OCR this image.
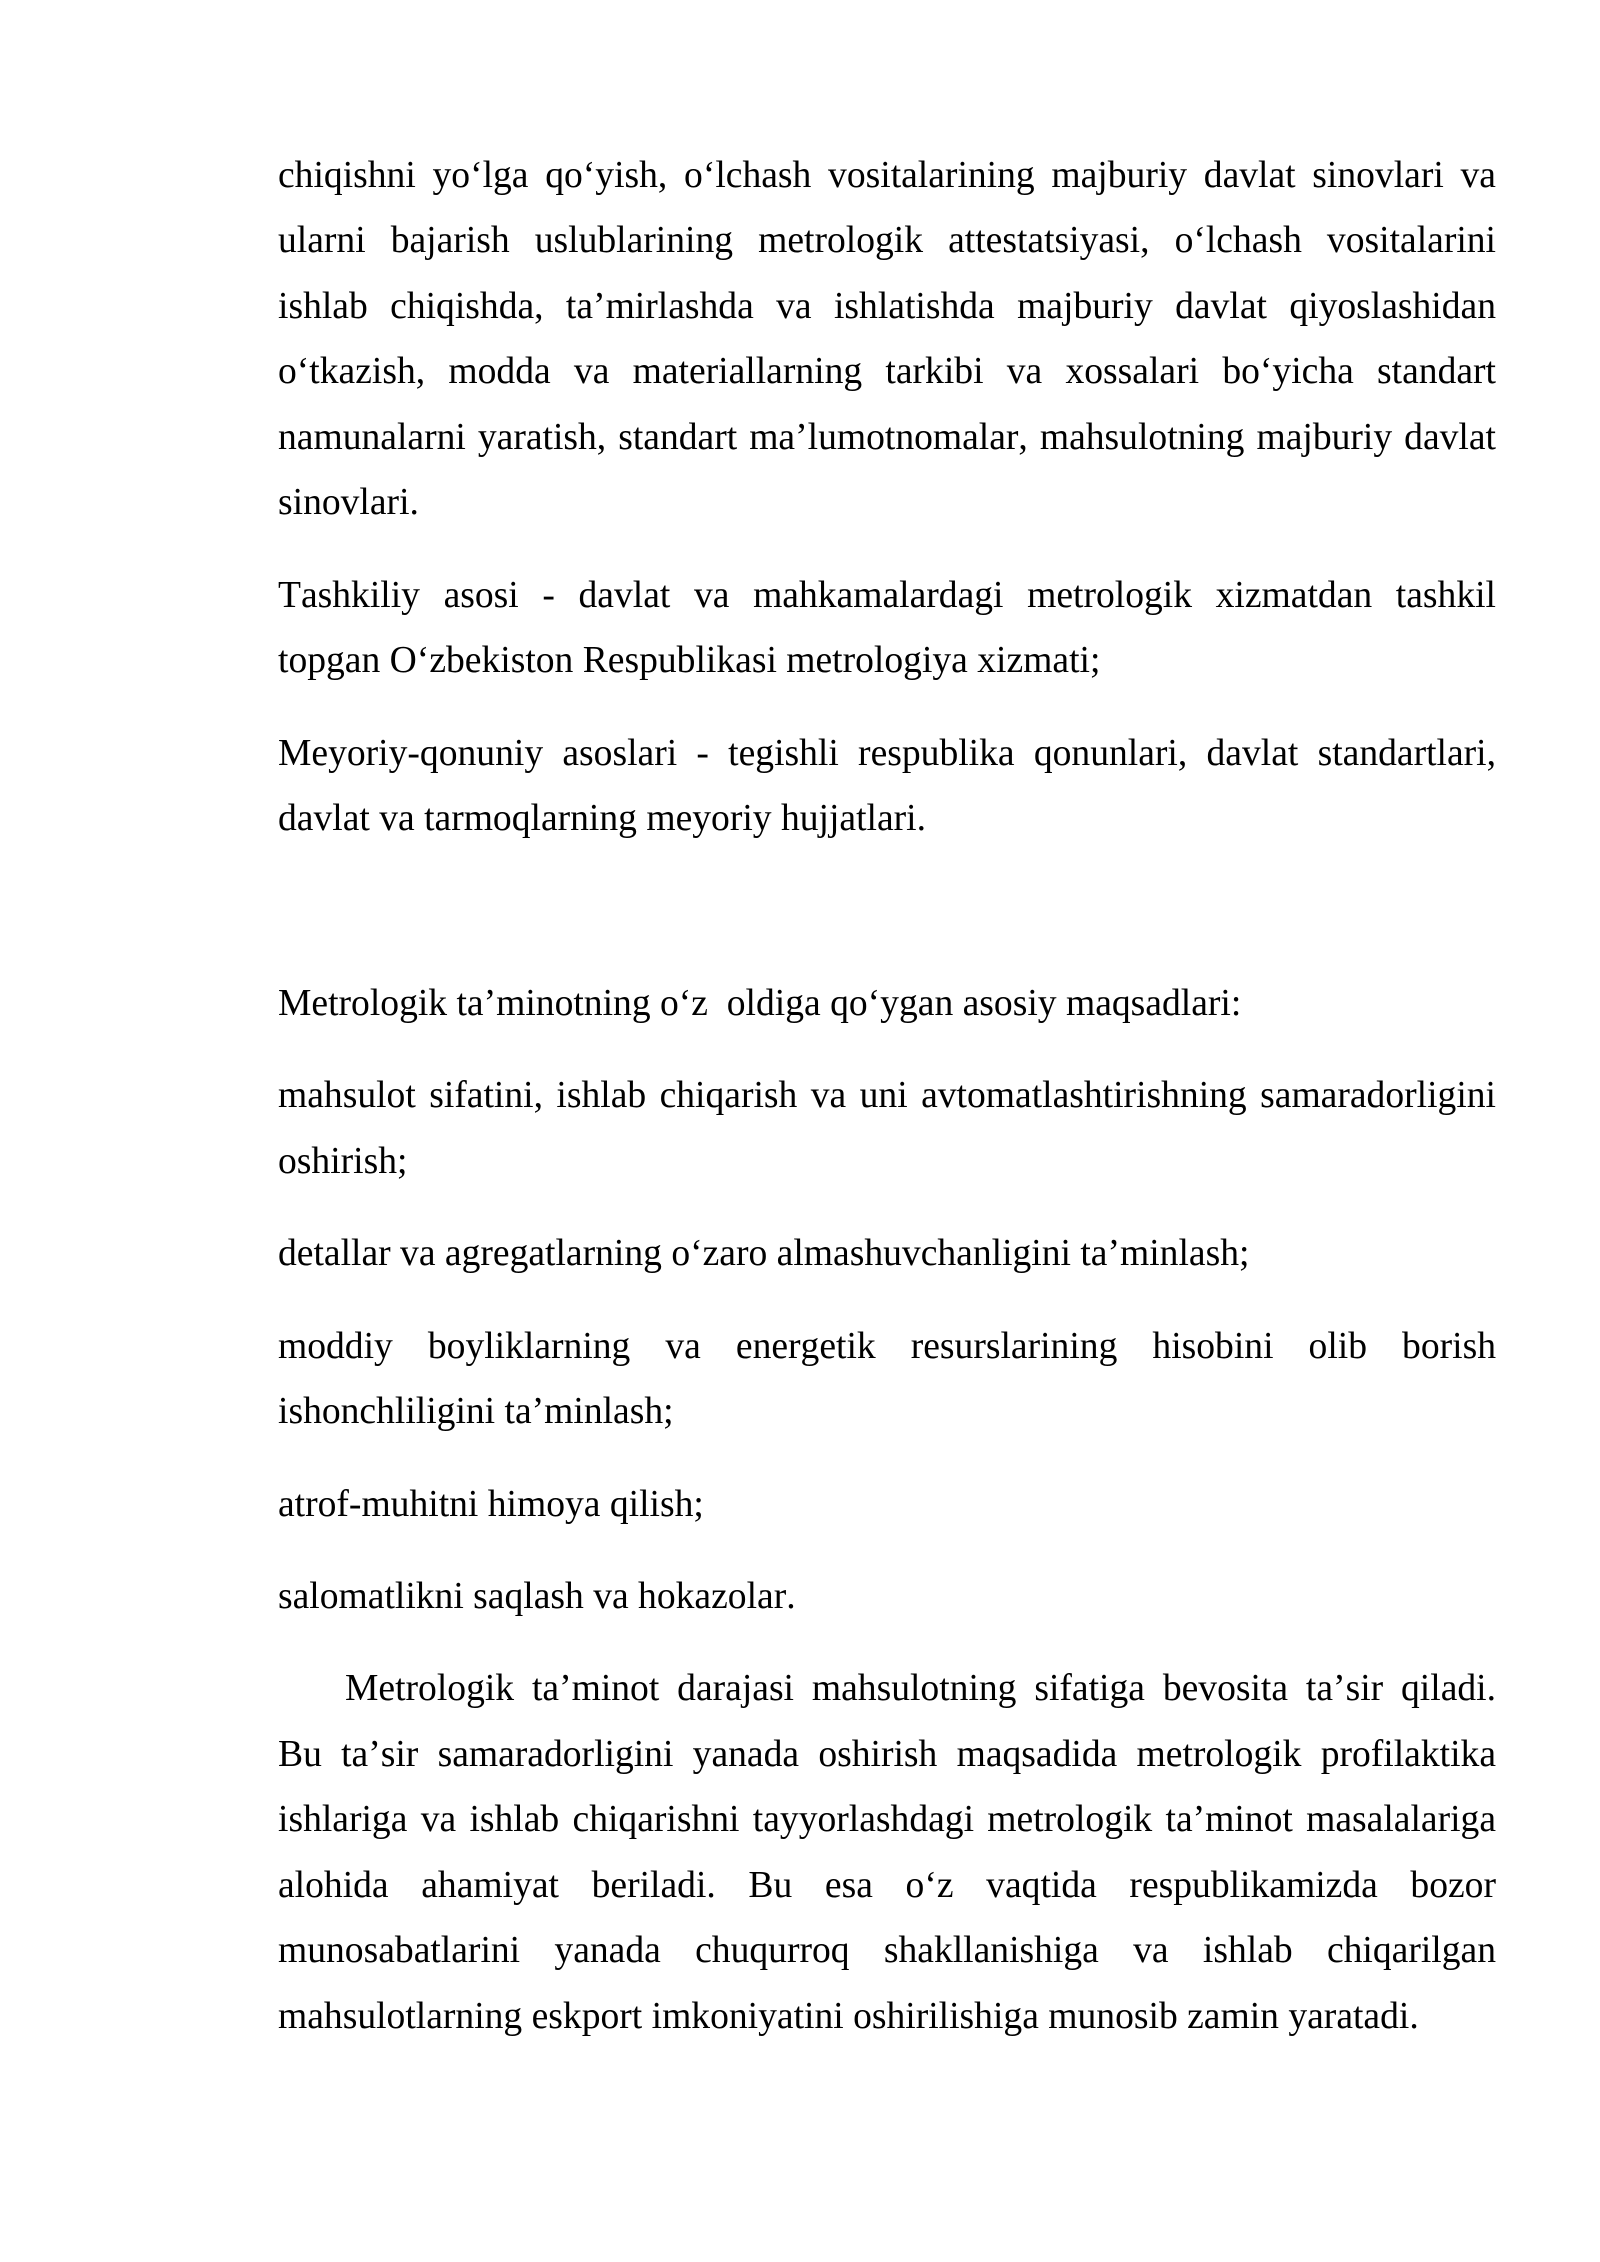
chiqishni yo‘lga qo‘yish, o‘lchash vositalarining majburiy davlat sinovlari va
ularni bajarish uslublarining metrologik attestatsiyasi, o‘lchash vositalarini
ishlab chiqishda, ta’mirlashda va ishlatishda majburiy davlat qiyoslashidan
o‘tkazish, modda va materiallarning tarkibi va xossalari bo‘yicha standart
namunalarni yaratish, standart ma’lumotnomalar, mahsulotning majburiy davlat
sinovlari.
Tashkiliy asosi - davlat va mahkamalardagi metrologik xizmatdan tashkil
topgan O‘zbekiston Respublikasi metrologiya xizmati;
Meyoriy-qonuniy asoslari - tegishli respublika qonunlari, davlat standartlari,
davlat va tarmoqlarning meyoriy hujjatlari.
Metrologik ta’minotning o‘z  oldiga qo‘ygan asosiy maqsadlari:
mahsulot sifatini, ishlab chiqarish va uni avtomatlashtirishning samaradorligini
oshirish;
detallar va agregatlarning o‘zaro almashuvchanligini ta’minlash;
moddiy boyliklarning va energetik resurslarining hisobini olib borish
ishonchliligini ta’minlash;
atrof-muhitni himoya qilish;
salomatlikni saqlash va hokazolar.
Metrologik ta’minot darajasi mahsulotning sifatiga bevosita ta’sir qiladi.
Bu ta’sir samaradorligini yanada oshirish maqsadida metrologik profilaktika
ishlariga va ishlab chiqarishni tayyorlashdagi metrologik ta’minot masalalariga
alohida ahamiyat beriladi. Bu esa o‘z vaqtida respublikamizda bozor
munosabatlarini yanada chuqurroq shakllanishiga va ishlab chiqarilgan
mahsulotlarning eskport imkoniyatini oshirilishiga munosib zamin yaratadi.
